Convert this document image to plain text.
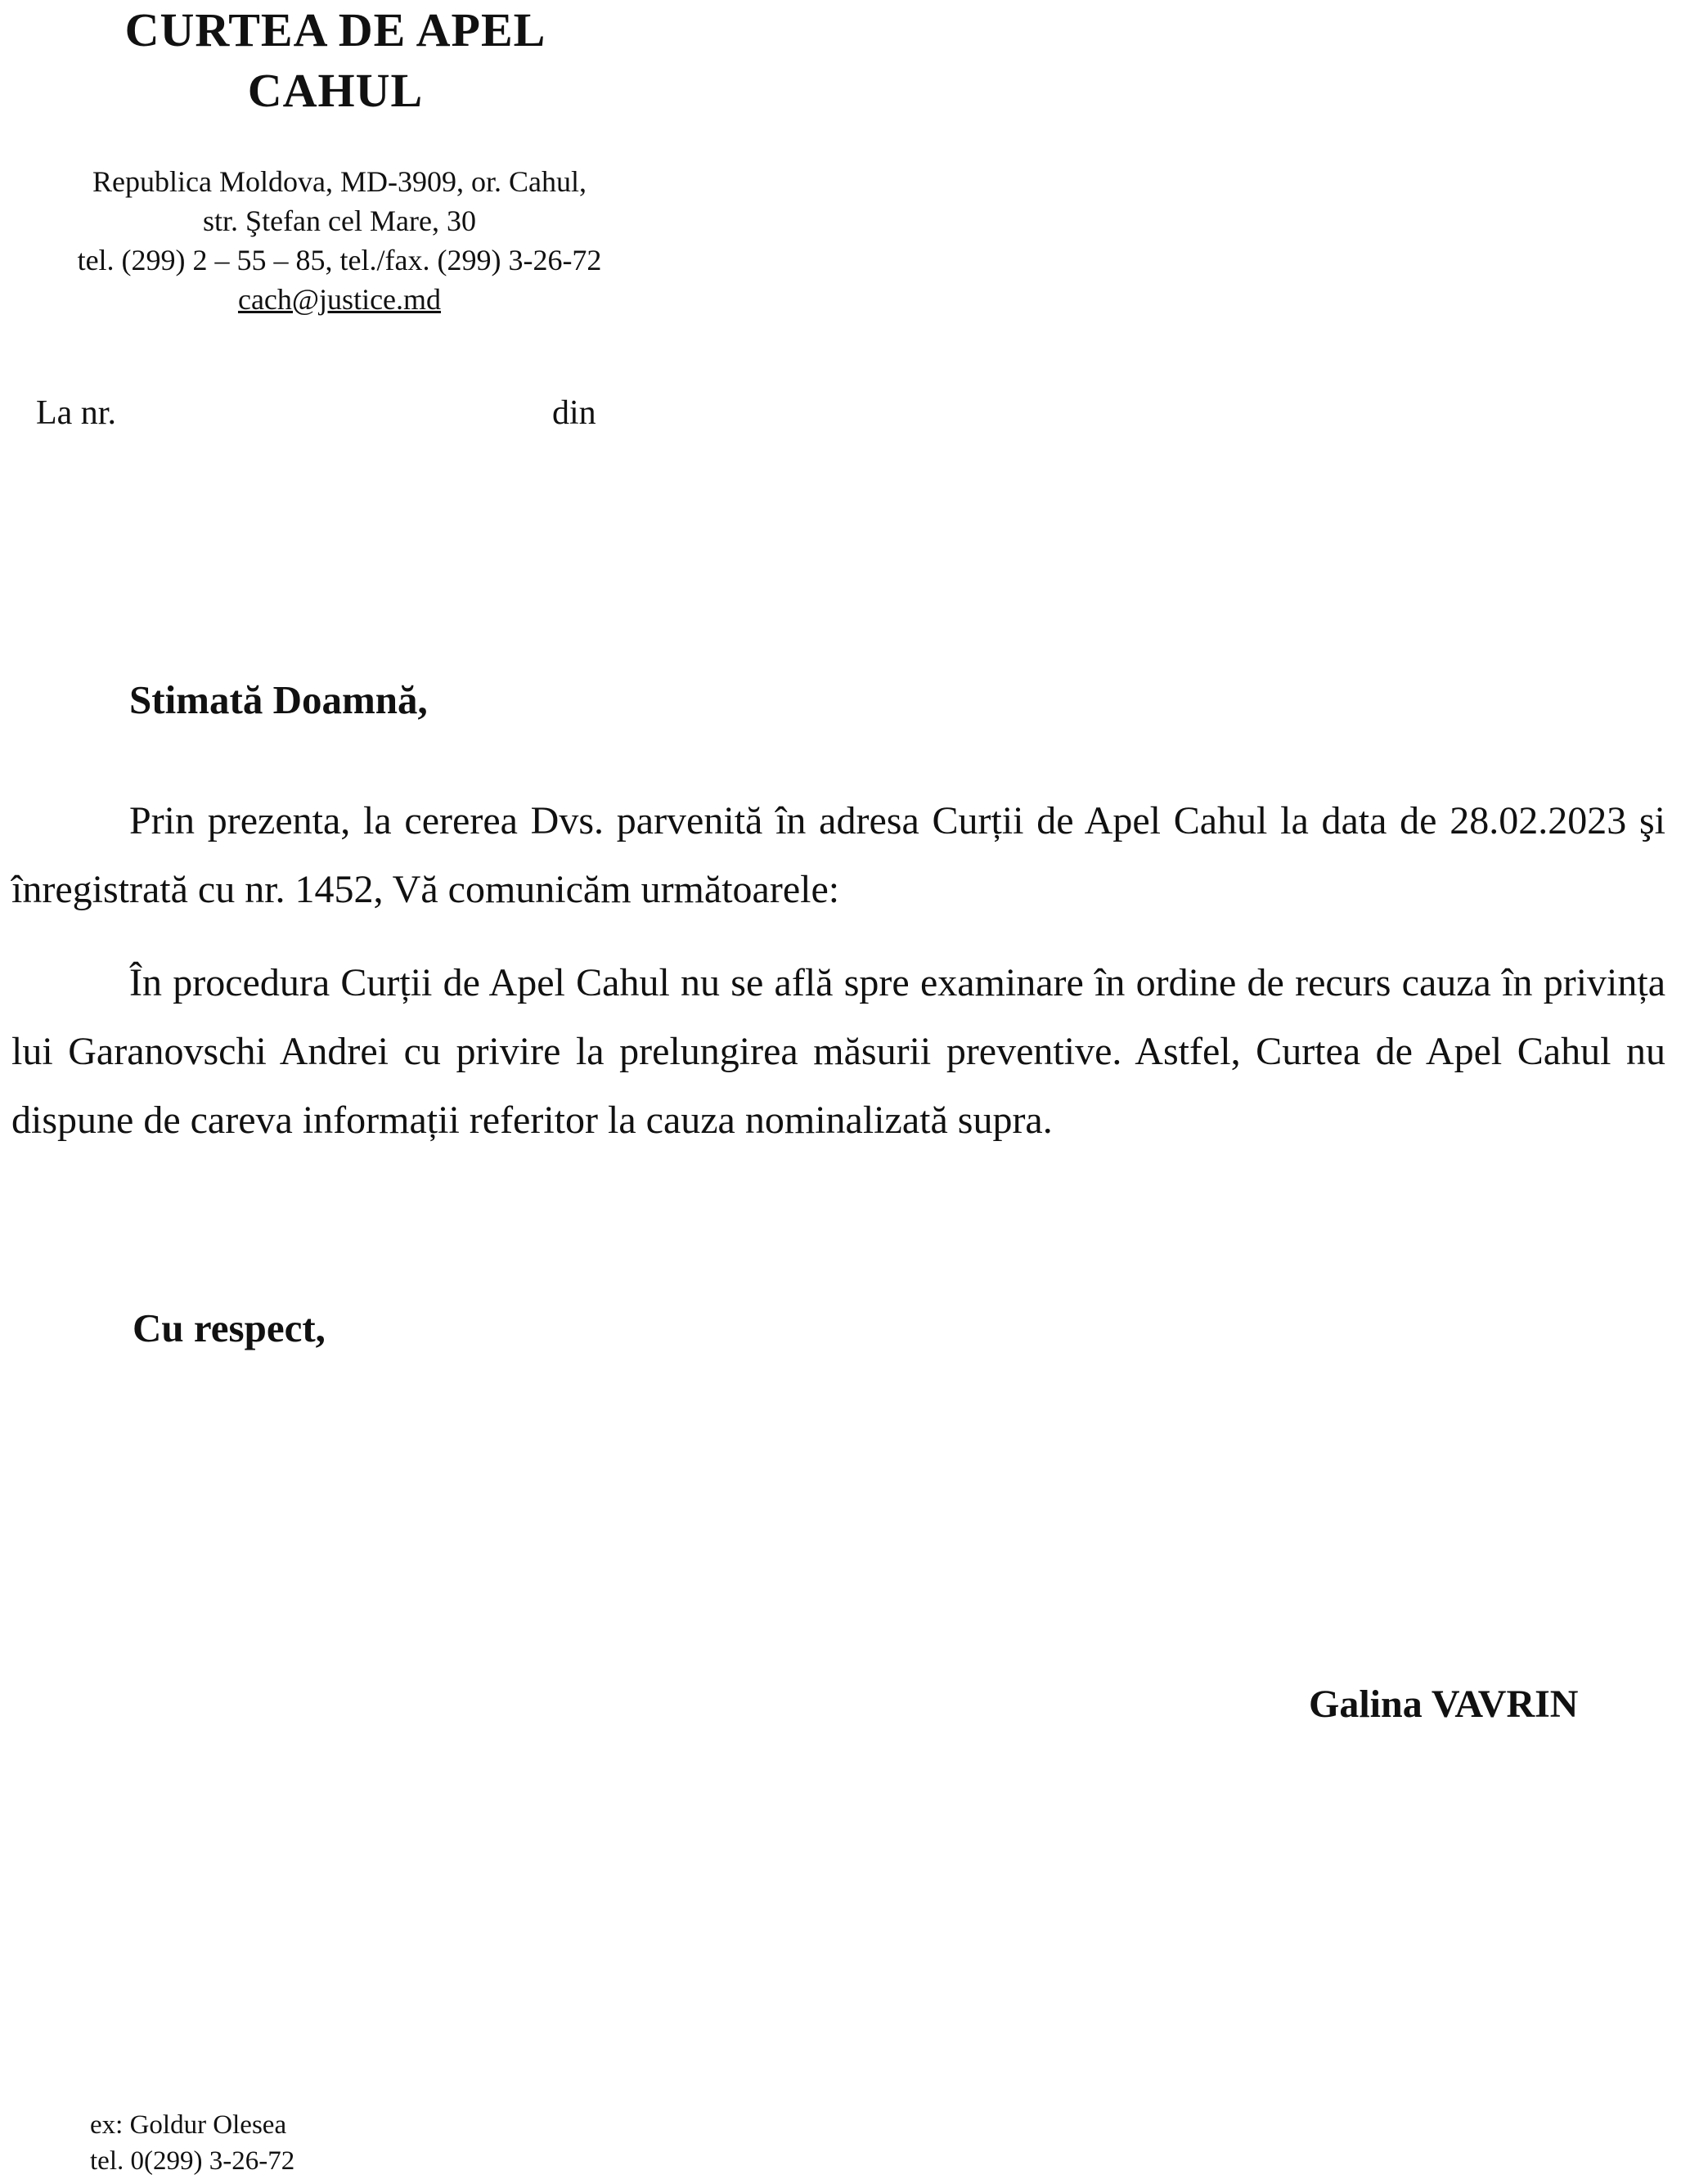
CURTEA DE APEL
CAHUL
Republica Moldova, MD-3909, or. Cahul,
str. Ştefan cel Mare, 30
tel. (299) 2 – 55 – 85, tel./fax. (299) 3-26-72
cach@justice.md
La nr.	din
Stimată Doamnă,

Prin prezenta, la cererea Dvs. parvenită în adresa Curții de Apel Cahul la data de 28.02.2023 şi înregistrată cu nr. 1452, Vă comunicăm următoarele:

În procedura Curții de Apel Cahul nu se află spre examinare în ordine de recurs cauza în privința lui Garanovschi Andrei cu privire la prelungirea măsurii preventive. Astfel, Curtea de Apel Cahul nu dispune de careva informații referitor la cauza nominalizată supra.

Cu respect,
Galina VAVRIN
ex: Goldur Olesea
tel. 0(299) 3-26-72
